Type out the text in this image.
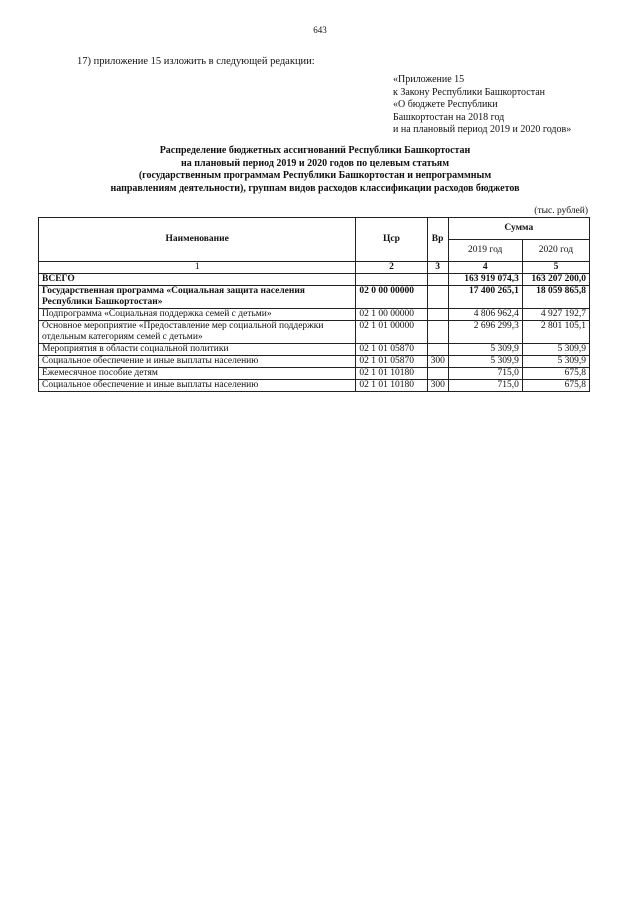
643
17) приложение 15 изложить в следующей редакции:
«Приложение 15
к Закону Республики Башкортостан
«О бюджете Республики
Башкортостан на 2018 год
и на плановый период 2019 и 2020 годов»
Распределение бюджетных ассигнований Республики Башкортостан
на плановый период 2019 и 2020 годов по целевым статьям
(государственным программам Республики Башкортостан и непрограммным
направлениям деятельности), группам видов расходов классификации расходов бюджетов
(тыс. рублей)
Наименование	Цср	Вр	Сумма	
			2019 год	2020 год
1	2	3	4	5
ВСЕГО			163 919 074,3	163 207 200,0
Государственная программа «Социальная защита населения Республики Башкортостан»	02 0 00 00000		17 400 265,1	18 059 865,8
Подпрограмма «Социальная поддержка семей с детьми»	02 1 00 00000		4 806 962,4	4 927 192,7
Основное мероприятие «Предоставление мер социальной поддержки отдельным категориям семей с детьми»	02 1 01 00000		2 696 299,3	2 801 105,1
Мероприятия в области социальной политики	02 1 01 05870		5 309,9	5 309,9
Социальное обеспечение и иные выплаты населению	02 1 01 05870	300	5 309,9	5 309,9
Ежемесячное пособие детям	02 1 01 10180		715,0	675,8
Социальное обеспечение и иные выплаты населению	02 1 01 10180	300	715,0	675,8
